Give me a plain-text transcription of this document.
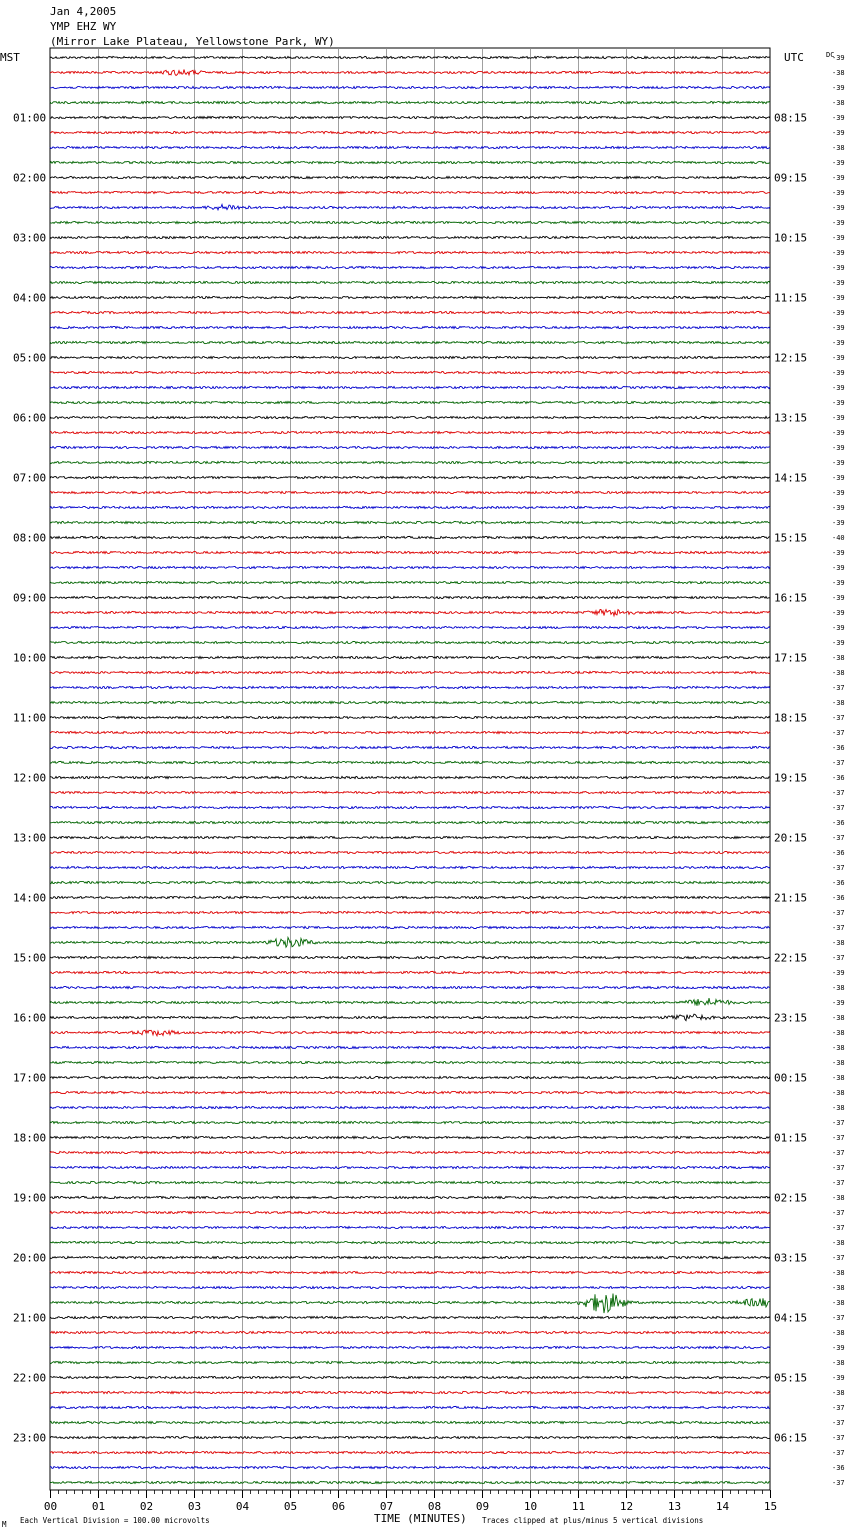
Jan 4,2005
YMP EHZ WY
(Mirror Lake Plateau, Yellowstone Park, WY)
00	01	02	03	04	05	06	07	08	09	10	11	12	13	14	15
-39
-38
-39
-38
-39
-39
-38
-39
-39
-39
-39
-39
-39
-39
-39
-39
-39
-39
-39
-39
-39
-39
-39
-39
-39
-39
-39
-39
-39
-39
-39
-39
-40
-39
-39
-39
-39
-39
-39
-39
-38
-38
-37
-38
-37
-37
-36
-37
-36
-37
-37
-36
-37
-36
-37
-36
-36
-37
-37
-38
-37
-39
-38
-39
-38
-38
-38
-38
-38
-38
-38
-37
-37
-37
-37
-37
-38
-37
-37
-38
-37
-38
-38
-38
-37
-38
-39
-38
-39
-38
-37
-37
-37
-37
-36
-37
01:00
02:00
03:00
04:00
05:00
06:00
07:00
08:00
09:00
10:00
11:00
12:00
13:00
14:00
15:00
16:00
17:00
18:00
19:00
20:00
21:00
22:00
23:00
08:15
09:15
10:15
11:15
12:15
13:15
14:15
15:15
16:15
17:15
18:15
19:15
20:15
21:15
22:15
23:15
00:15
01:15
02:15
03:15
04:15
05:15
06:15
MST	UTC	DC
TIME (MINUTES)
Each Vertical Division = 100.00 microvolts	Traces clipped at plus/minus 5 vertical divisions
M
